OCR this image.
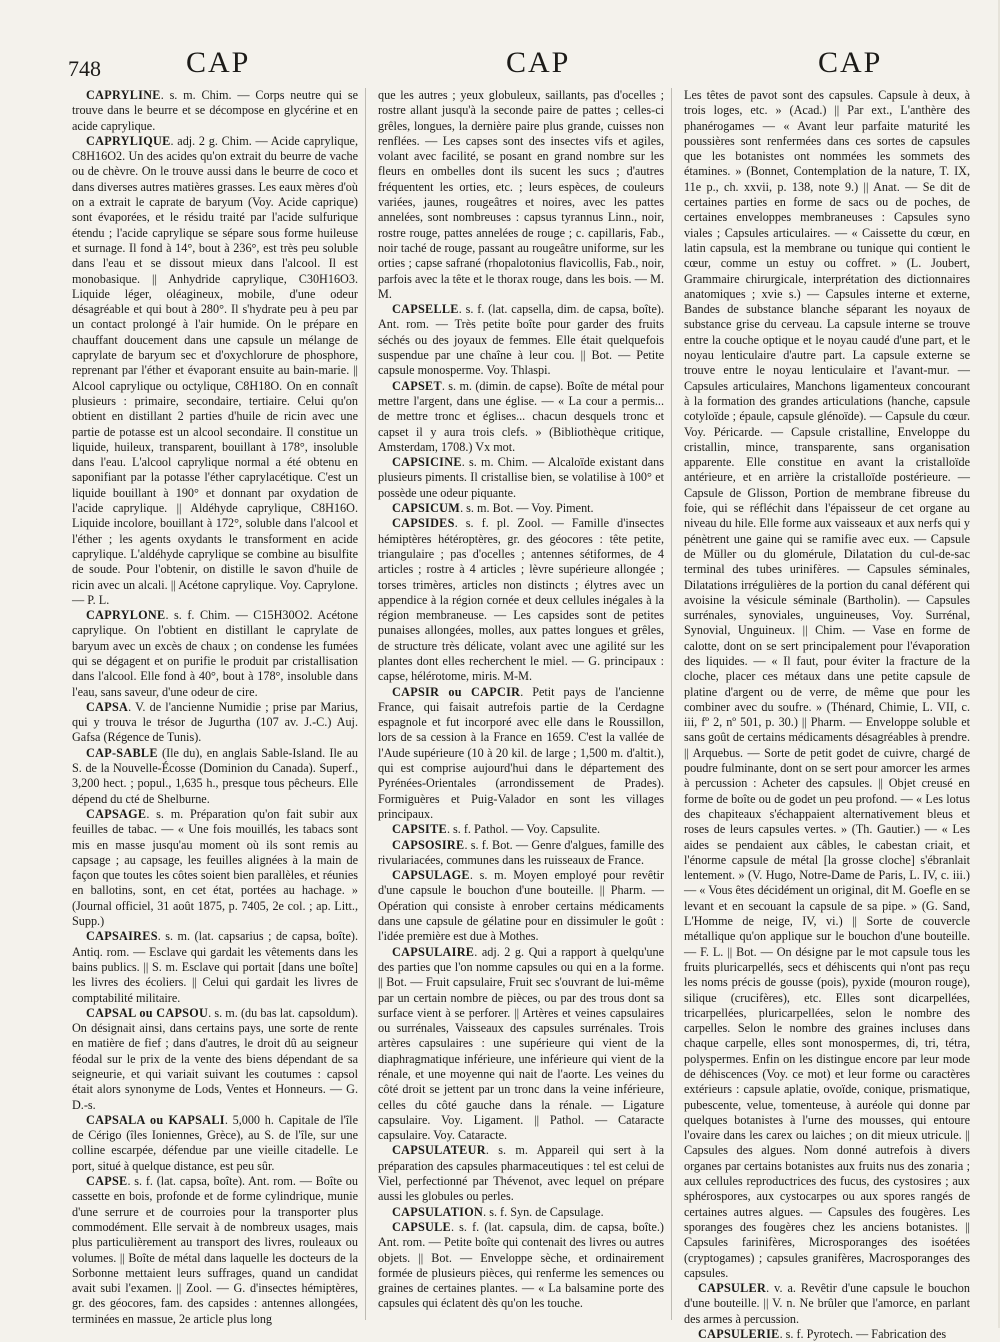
748	CAP	CAP	CAP

CAPRYLINE. s. m. Chim. — Corps neutre qui se trouve dans le beurre et se décompose en glycérine et en acide caprylique.

CAPRYLIQUE. adj. 2 g. Chim. — Acide caprylique, C8H16O2. Un des acides qu'on extrait du beurre de vache ou de chèvre. On le trouve aussi dans le beurre de coco et dans diverses autres matières grasses. Les eaux mères d'où on a extrait le caprate de baryum (Voy. Acide caprique) sont évaporées, et le résidu traité par l'acide sulfurique étendu ; l'acide caprylique se sépare sous forme huileuse et surnage. Il fond à 14°, bout à 236°, est très peu soluble dans l'eau et se dissout mieux dans l'alcool. Il est monobasique. || Anhydride caprylique, C30H16O3. Liquide léger, oléagineux, mobile, d'une odeur désagréable et qui bout à 280°. Il s'hydrate peu à peu par un contact prolongé à l'air humide. On le prépare en chauffant doucement dans une capsule un mélange de caprylate de baryum sec et d'oxychlorure de phosphore, reprenant par l'éther et évaporant ensuite au bain-marie. || Alcool caprylique ou octylique, C8H18O. On en connaît plusieurs : primaire, secondaire, tertiaire. Celui qu'on obtient en distillant 2 parties d'huile de ricin avec une partie de potasse est un alcool secondaire. Il constitue un liquide, huileux, transparent, bouillant à 178°, insoluble dans l'eau. L'alcool caprylique normal a été obtenu en saponifiant par la potasse l'éther caprylacétique. C'est un liquide bouillant à 190° et donnant par oxydation de l'acide caprylique. || Aldéhyde caprylique, C8H16O. Liquide incolore, bouillant à 172°, soluble dans l'alcool et l'éther ; les agents oxydants le transforment en acide caprylique. L'aldéhyde caprylique se combine au bisulfite de soude. Pour l'obtenir, on distille le savon d'huile de ricin avec un alcali. || Acétone caprylique. Voy. Caprylone. — P. L.

CAPRYLONE. s. f. Chim. — C15H30O2. Acétone caprylique. On l'obtient en distillant le caprylate de baryum avec un excès de chaux ; on condense les fumées qui se dégagent et on purifie le produit par cristallisation dans l'alcool. Elle fond à 40°, bout à 178°, insoluble dans l'eau, sans saveur, d'une odeur de cire.

CAPSA. V. de l'ancienne Numidie ; prise par Marius, qui y trouva le trésor de Jugurtha (107 av. J.-C.) Auj. Gafsa (Régence de Tunis).

CAP-SABLE (Ile du), en anglais Sable-Island. Ile au S. de la Nouvelle-Écosse (Dominion du Canada). Superf., 3,200 hect. ; popul., 1,635 h., presque tous pêcheurs. Elle dépend du cté de Shelburne.

CAPSAGE. s. m. Préparation qu'on fait subir aux feuilles de tabac. — « Une fois mouillés, les tabacs sont mis en masse jusqu'au moment où ils sont remis au capsage ; au capsage, les feuilles alignées à la main de façon que toutes les côtes soient bien parallèles, et réunies en ballotins, sont, en cet état, portées au hachage. » (Journal officiel, 31 août 1875, p. 7405, 2e col. ; ap. Litt., Supp.)

CAPSAIRES. s. m. (lat. capsarius ; de capsa, boîte). Antiq. rom. — Esclave qui gardait les vêtements dans les bains publics. || S. m. Esclave qui portait [dans une boîte] les livres des écoliers. || Celui qui gardait les livres de comptabilité militaire.

CAPSAL ou CAPSOU. s. m. (du bas lat. capsoldum). On désignait ainsi, dans certains pays, une sorte de rente en matière de fief ; dans d'autres, le droit dû au seigneur féodal sur le prix de la vente des biens dépendant de sa seigneurie, et qui variait suivant les coutumes : capsol était alors synonyme de Lods, Ventes et Honneurs. — G. D.-s.

CAPSALA ou KAPSALI. 5,000 h. Capitale de l'île de Cérigo (îles Ioniennes, Grèce), au S. de l'île, sur une colline escarpée, défendue par une vieille citadelle. Le port, situé à quelque distance, est peu sûr.

CAPSE. s. f. (lat. capsa, boîte). Ant. rom. — Boîte ou cassette en bois, profonde et de forme cylindrique, munie d'une serrure et de courroies pour la transporter plus commodément. Elle servait à de nombreux usages, mais plus particulièrement au transport des livres, rouleaux ou volumes. || Boîte de métal dans laquelle les docteurs de la Sorbonne mettaient leurs suffrages, quand un candidat avait subi l'examen. || Zool. — G. d'insectes hémiptères, gr. des géocores, fam. des capsides : antennes allongées, terminées en massue, 2e article plus long

que les autres ; yeux globuleux, saillants, pas d'ocelles ; rostre allant jusqu'à la seconde paire de pattes ; celles-ci grêles, longues, la dernière paire plus grande, cuisses non renflées. — Les capses sont des insectes vifs et agiles, volant avec facilité, se posant en grand nombre sur les fleurs en ombelles dont ils sucent les sucs ; d'autres fréquentent les orties, etc. ; leurs espèces, de couleurs variées, jaunes, rougeâtres et noires, avec les pattes annelées, sont nombreuses : capsus tyrannus Linn., noir, rostre rouge, pattes annelées de rouge ; c. capillaris, Fab., noir taché de rouge, passant au rougeâtre uniforme, sur les orties ; capse safrané (rhopalotonius flavicollis, Fab., noir, parfois avec la tête et le thorax rouge, dans les bois. — M. M.

CAPSELLE. s. f. (lat. capsella, dim. de capsa, boîte). Ant. rom. — Très petite boîte pour garder des fruits séchés ou des joyaux de femmes. Elle était quelquefois suspendue par une chaîne à leur cou. || Bot. — Petite capsule monosperme. Voy. Thlaspi.

CAPSET. s. m. (dimin. de capse). Boîte de métal pour mettre l'argent, dans une église. — « La cour a permis... de mettre tronc et églises... chacun desquels tronc et capset il y aura trois clefs. » (Bibliothèque critique, Amsterdam, 1708.) Vx mot.

CAPSICINE. s. m. Chim. — Alcaloïde existant dans plusieurs piments. Il cristallise bien, se volatilise à 100° et possède une odeur piquante.

CAPSICUM. s. m. Bot. — Voy. Piment.

CAPSIDES. s. f. pl. Zool. — Famille d'insectes hémiptères hétéroptères, gr. des géocores : tête petite, triangulaire ; pas d'ocelles ; antennes sétiformes, de 4 articles ; rostre à 4 articles ; lèvre supérieure allongée ; torses trimères, articles non distincts ; élytres avec un appendice à la région cornée et deux cellules inégales à la région membraneuse. — Les capsides sont de petites punaises allongées, molles, aux pattes longues et grêles, de structure très délicate, volant avec une agilité sur les plantes dont elles recherchent le miel. — G. principaux : capse, hélérotome, miris. M-M.

CAPSIR ou CAPCIR. Petit pays de l'ancienne France, qui faisait autrefois partie de la Cerdagne espagnole et fut incorporé avec elle dans le Roussillon, lors de sa cession à la France en 1659. C'est la vallée de l'Aude supérieure (10 à 20 kil. de large ; 1,500 m. d'altit.), qui est comprise aujourd'hui dans le département des Pyrénées-Orientales (arrondissement de Prades). Formiguères et Puig-Valador en sont les villages principaux.

CAPSITE. s. f. Pathol. — Voy. Capsulite.

CAPSOSIRE. s. f. Bot. — Genre d'algues, famille des rivulariacées, communes dans les ruisseaux de France.

CAPSULAGE. s. m. Moyen employé pour revêtir d'une capsule le bouchon d'une bouteille. || Pharm. — Opération qui consiste à enrober certains médicaments dans une capsule de gélatine pour en dissimuler le goût : l'idée première est due à Mothes.

CAPSULAIRE. adj. 2 g. Qui a rapport à quelqu'une des parties que l'on nomme capsules ou qui en a la forme. || Bot. — Fruit capsulaire, Fruit sec s'ouvrant de lui-même par un certain nombre de pièces, ou par des trous dont sa surface vient à se perforer. || Artères et veines capsulaires ou surrénales, Vaisseaux des capsules surrénales. Trois artères capsulaires : une supérieure qui vient de la diaphragmatique inférieure, une inférieure qui vient de la rénale, et une moyenne qui nait de l'aorte. Les veines du côté droit se jettent par un tronc dans la veine inférieure, celles du côté gauche dans la rénale. — Ligature capsulaire. Voy. Ligament. || Pathol. — Cataracte capsulaire. Voy. Cataracte.

CAPSULATEUR. s. m. Appareil qui sert à la préparation des capsules pharmaceutiques : tel est celui de Viel, perfectionné par Thévenot, avec lequel on prépare aussi les globules ou perles.

CAPSULATION. s. f. Syn. de Capsulage.

CAPSULE. s. f. (lat. capsula, dim. de capsa, boîte.) Ant. rom. — Petite boîte qui contenait des livres ou autres objets. || Bot. — Enveloppe sèche, et ordinairement formée de plusieurs pièces, qui renferme les semences ou graines de certaines plantes. — « La balsamine porte des capsules qui éclatent dès qu'on les touche.

Les têtes de pavot sont des capsules. Capsule à deux, à trois loges, etc. » (Acad.) || Par ext., L'anthère des phanérogames — « Avant leur parfaite maturité les poussières sont renfermées dans ces sortes de capsules que les botanistes ont nommées les sommets des étamines. » (Bonnet, Contemplation de la nature, T. IX, 11e p., ch. xxvii, p. 138, note 9.) || Anat. — Se dit de certaines parties en forme de sacs ou de poches, de certaines enveloppes membraneuses : Capsules syno viales ; Capsules articulaires. — « Caissette du cœur, en latin capsula, est la membrane ou tunique qui contient le cœur, comme un estuy ou coffret. » (L. Joubert, Grammaire chirurgicale, interprétation des dictionnaires anatomiques ; xvie s.) — Capsules interne et externe, Bandes de substance blanche séparant les noyaux de substance grise du cerveau. La capsule interne se trouve entre la couche optique et le noyau caudé d'une part, et le noyau lenticulaire d'autre part. La capsule externe se trouve entre le noyau lenticulaire et l'avant-mur. — Capsules articulaires, Manchons ligamenteux concourant à la formation des grandes articulations (hanche, capsule cotyloïde ; épaule, capsule glénoïde). — Capsule du cœur. Voy. Péricarde. — Capsule cristalline, Enveloppe du cristallin, mince, transparente, sans organisation apparente. Elle constitue en avant la cristalloïde antérieure, et en arrière la cristalloïde postérieure. — Capsule de Glisson, Portion de membrane fibreuse du foie, qui se réfléchit dans l'épaisseur de cet organe au niveau du hile. Elle forme aux vaisseaux et aux nerfs qui y pénètrent une gaine qui se ramifie avec eux. — Capsule de Müller ou du glomérule, Dilatation du cul-de-sac terminal des tubes urinifères. — Capsules séminales, Dilatations irrégulières de la portion du canal déférent qui avoisine la vésicule séminale (Bartholin). — Capsules surrénales, synoviales, unguineuses, Voy. Surrénal, Synovial, Unguineux. || Chim. — Vase en forme de calotte, dont on se sert principalement pour l'évaporation des liquides. — « Il faut, pour éviter la fracture de la cloche, placer ces métaux dans une petite capsule de platine d'argent ou de verre, de même que pour les combiner avec du soufre. » (Thénard, Chimie, L. VII, c. iii, fº 2, nº 501, p. 30.) || Pharm. — Enveloppe soluble et sans goût de certains médicaments désagréables à prendre. || Arquebus. — Sorte de petit godet de cuivre, chargé de poudre fulminante, dont on se sert pour amorcer les armes à percussion : Acheter des capsules. || Objet creusé en forme de boîte ou de godet un peu profond. — « Les lotus des chapiteaux s'échappaient alternativement bleus et roses de leurs capsules vertes. » (Th. Gautier.) — « Les aides se pendaient aux câbles, le cabestan criait, et l'énorme capsule de métal [la grosse cloche] s'ébranlait lentement. » (V. Hugo, Notre-Dame de Paris, L. IV, c. iii.) — « Vous êtes décidément un original, dit M. Goefle en se levant et en secouant la capsule de sa pipe. » (G. Sand, L'Homme de neige, IV, vi.) || Sorte de couvercle métallique qu'on applique sur le bouchon d'une bouteille. — F. L. || Bot. — On désigne par le mot capsule tous les fruits pluricarpellés, secs et déhiscents qui n'ont pas reçu les noms précis de gousse (pois), pyxide (mouron rouge), silique (crucifères), etc. Elles sont dicarpellées, tricarpellées, pluricarpellées, selon le nombre des carpelles. Selon le nombre des graines incluses dans chaque carpelle, elles sont monospermes, di, tri, tétra, polyspermes. Enfin on les distingue encore par leur mode de déhiscences (Voy. ce mot) et leur forme ou caractères extérieurs : capsule aplatie, ovoïde, conique, prismatique, pubescente, velue, tomenteuse, à auréole qui donne par quelques botanistes à l'urne des mousses, qui entoure l'ovaire dans les carex ou laiches ; on dit mieux utricule. || Capsules des algues. Nom donné autrefois à divers organes par certains botanistes aux fruits nus des zonaria ; aux cellules reproductrices des fucus, des cystosires ; aux sphérospores, aux cystocarpes ou aux spores rangés de certaines autres algues. — Capsules des fougères. Les sporanges des fougères chez les anciens botanistes. || Capsules farinifères, Microsporanges des isoétées (cryptogames) ; capsules granifères, Macrosporanges des capsules.

CAPSULER. v. a. Revêtir d'une capsule le bouchon d'une bouteille. || V. n. Ne brûler que l'amorce, en parlant des armes à percussion.

CAPSULERIE. s. f. Pyrotech. — Fabrication des
